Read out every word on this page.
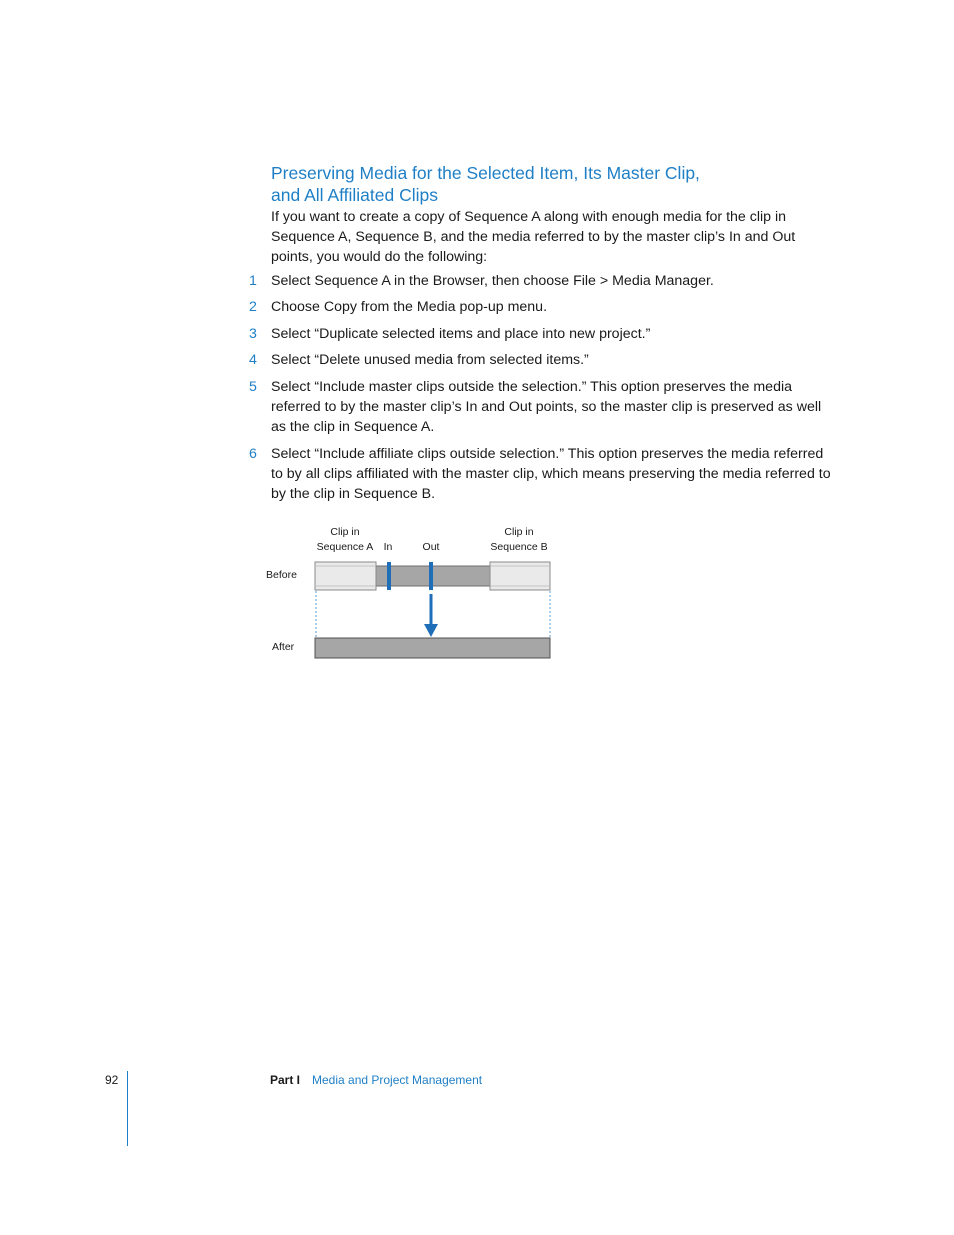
Preserving Media for the Selected Item, Its Master Clip,
and All Affiliated Clips

If you want to create a copy of Sequence A along with enough media for the clip in Sequence A, Sequence B, and the media referred to by the master clip’s In and Out points, you would do the following:

1 Select Sequence A in the Browser, then choose File > Media Manager.
2 Choose Copy from the Media pop-up menu.
3 Select “Duplicate selected items and place into new project.”
4 Select “Delete unused media from selected items.”
5 Select “Include master clips outside the selection.” This option preserves the media referred to by the master clip’s In and Out points, so the master clip is preserved as well as the clip in Sequence A.
6 Select “Include affiliate clips outside selection.” This option preserves the media referred to by all clips affiliated with the master clip, which means preserving the media referred to by the clip in Sequence B.
Clip in
Sequence A In	Out
Clip in
Sequence B
Before
After
92	Part I Media and Project Management
